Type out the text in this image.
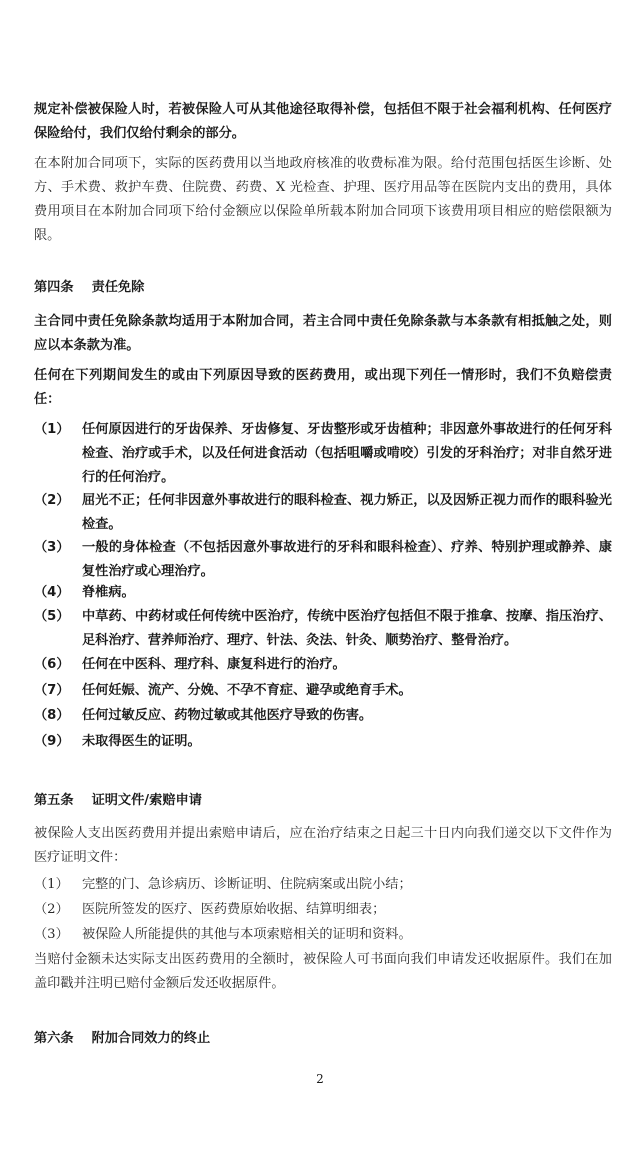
规定补偿被保险人时，若被保险人可从其他途径取得补偿，包括但不限于社会福利机构、任何医疗保险给付，我们仅给付剩余的部分。

在本附加合同项下，实际的医药费用以当地政府核准的收费标准为限。给付范围包括医生诊断、处方、手术费、救护车费、住院费、药费、X 光检查、护理、医疗用品等在医院内支出的费用，具体费用项目在本附加合同项下给付金额应以保险单所载本附加合同项下该费用项目相应的赔偿限额为限。

第四条 责任免除

主合同中责任免除条款均适用于本附加合同，若主合同中责任免除条款与本条款有相抵触之处，则应以本条款为准。

任何在下列期间发生的或由下列原因导致的医药费用，或出现下列任一情形时，我们不负赔偿责任：

（1） 任何原因进行的牙齿保养、牙齿修复、牙齿整形或牙齿植种；非因意外事故进行的任何牙科检查、治疗或手术，以及任何进食活动（包括咀嚼或啃咬）引发的牙科治疗；对非自然牙进行的任何治疗。
（2） 屈光不正；任何非因意外事故进行的眼科检查、视力矫正，以及因矫正视力而作的眼科验光检查。
（3） 一般的身体检查（不包括因意外事故进行的牙科和眼科检查）、疗养、特别护理或静养、康复性治疗或心理治疗。
（4） 脊椎病。
（5） 中草药、中药材或任何传统中医治疗，传统中医治疗包括但不限于推拿、按摩、指压治疗、足科治疗、营养师治疗、理疗、针法、灸法、针灸、顺势治疗、整骨治疗。
（6） 任何在中医科、理疗科、康复科进行的治疗。
（7） 任何妊娠、流产、分娩、不孕不育症、避孕或绝育手术。
（8） 任何过敏反应、药物过敏或其他医疗导致的伤害。
（9） 未取得医生的证明。

第五条 证明文件/索赔申请

被保险人支出医药费用并提出索赔申请后，应在治疗结束之日起三十日内向我们递交以下文件作为医疗证明文件：

（1）	完整的门、急诊病历、诊断证明、住院病案或出院小结；
（2）	医院所签发的医疗、医药费原始收据、结算明细表；
（3）	被保险人所能提供的其他与本项索赔相关的证明和资料。

当赔付金额未达实际支出医药费用的全额时，被保险人可书面向我们申请发还收据原件。我们在加盖印戳并注明已赔付金额后发还收据原件。

第六条 附加合同效力的终止

2
